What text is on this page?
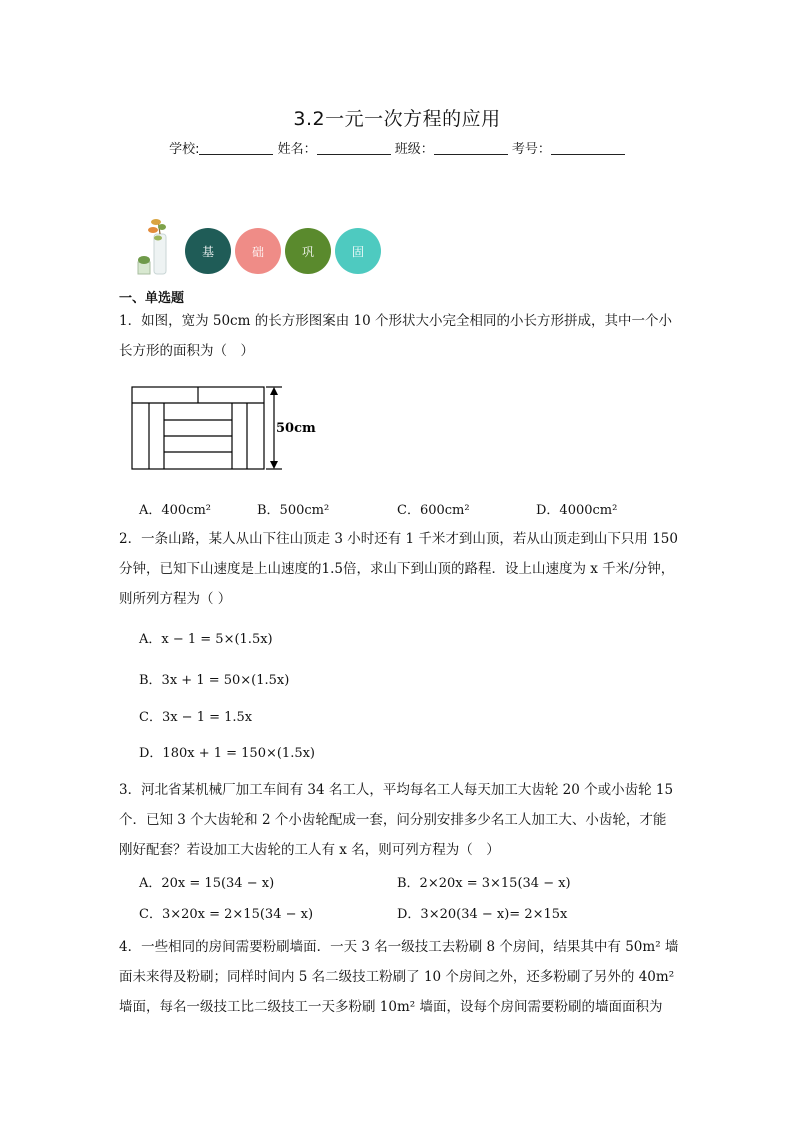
3.2一元一次方程的应用
学校:	姓名：	班级：	考号：
基	础	巩	固
一、单选题
1．如图，宽为 50cm 的长方形图案由 10 个形状大小完全相同的小长方形拼成，其中一个小
长方形的面积为（　）
50cm
A．400cm²	B．500cm²	C．600cm²	D．4000cm²
2．一条山路，某人从山下往山顶走 3 小时还有 1 千米才到山顶，若从山顶走到山下只用 150
分钟，已知下山速度是上山速度的1.5倍，求山下到山顶的路程．设上山速度为 x 千米/分钟，
则所列方程为（ ）
A．x − 1 = 5×(1.5x)
B．3x + 1 = 50×(1.5x)
C．3x − 1 = 1.5x
D．180x + 1 = 150×(1.5x)
3．河北省某机械厂加工车间有 34 名工人，平均每名工人每天加工大齿轮 20 个或小齿轮 15
个．已知 3 个大齿轮和 2 个小齿轮配成一套，问分别安排多少名工人加工大、小齿轮，才能
刚好配套？若设加工大齿轮的工人有 x 名，则可列方程为（　）
A．20x = 15(34 − x)	B．2×20x = 3×15(34 − x)
C．3×20x = 2×15(34 − x)	D．3×20(34 − x)= 2×15x
4．一些相同的房间需要粉刷墙面．一天 3 名一级技工去粉刷 8 个房间，结果其中有 50m² 墙
面未来得及粉刷；同样时间内 5 名二级技工粉刷了 10 个房间之外，还多粉刷了另外的 40m²
墙面，每名一级技工比二级技工一天多粉刷 10m² 墙面，设每个房间需要粉刷的墙面面积为
